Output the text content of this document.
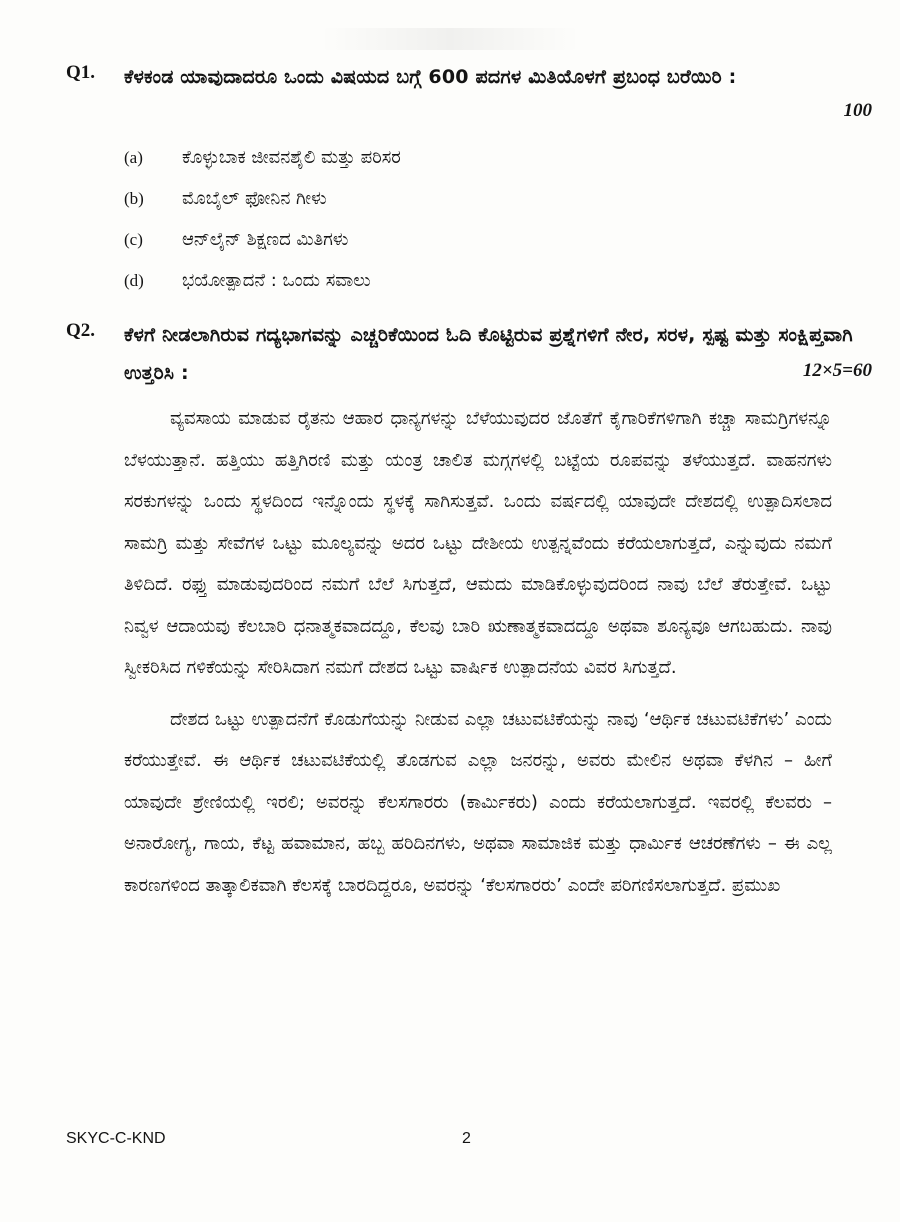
Q1. ಕೆಳಕಂಡ ಯಾವುದಾದರೂ ಒಂದು ವಿಷಯದ ಬಗ್ಗೆ 600 ಪದಗಳ ಮಿತಿಯೊಳಗೆ ಪ್ರಬಂಧ ಬರೆಯಿರಿ :
100
(a)	ಕೊಳ್ಳುಬಾಕ ಜೀವನಶೈಲಿ ಮತ್ತು ಪರಿಸರ
(b)	ಮೊಬೈಲ್ ಫೋನಿನ ಗೀಳು
(c)	ಆನ್‌ಲೈನ್ ಶಿಕ್ಷಣದ ಮಿತಿಗಳು
(d)	ಭಯೋತ್ಪಾದನೆ : ಒಂದು ಸವಾಲು
Q2. ಕೆಳಗೆ ನೀಡಲಾಗಿರುವ ಗದ್ಯಭಾಗವನ್ನು ಎಚ್ಚರಿಕೆಯಿಂದ ಓದಿ ಕೊಟ್ಟಿರುವ ಪ್ರಶ್ನೆಗಳಿಗೆ ನೇರ, ಸರಳ, ಸ್ಪಷ್ಟ ಮತ್ತು ಸಂಕ್ಷಿಪ್ತವಾಗಿ ಉತ್ತರಿಸಿ :	12×5=60

ವ್ಯವಸಾಯ ಮಾಡುವ ರೈತನು ಆಹಾರ ಧಾನ್ಯಗಳನ್ನು ಬೆಳೆಯುವುದರ ಜೊತೆಗೆ ಕೈಗಾರಿಕೆಗಳಿಗಾಗಿ ಕಚ್ಚಾ ಸಾಮಗ್ರಿಗಳನ್ನೂ ಬೆಳಯುತ್ತಾನೆ. ಹತ್ತಿಯು ಹತ್ತಿಗಿರಣಿ ಮತ್ತು ಯಂತ್ರ ಚಾಲಿತ ಮಗ್ಗಗಳಲ್ಲಿ ಬಟ್ಟೆಯ ರೂಪವನ್ನು ತಳೆಯುತ್ತದೆ. ವಾಹನಗಳು ಸರಕುಗಳನ್ನು ಒಂದು ಸ್ಥಳದಿಂದ ಇನ್ನೊಂದು ಸ್ಥಳಕ್ಕೆ ಸಾಗಿಸುತ್ತವೆ. ಒಂದು ವರ್ಷದಲ್ಲಿ ಯಾವುದೇ ದೇಶದಲ್ಲಿ ಉತ್ಪಾದಿಸಲಾದ ಸಾಮಗ್ರಿ ಮತ್ತು ಸೇವೆಗಳ ಒಟ್ಟು ಮೂಲ್ಯವನ್ನು ಅದರ ಒಟ್ಟು ದೇಶೀಯ ಉತ್ಪನ್ನವೆಂದು ಕರೆಯಲಾಗುತ್ತದೆ, ಎನ್ನುವುದು ನಮಗೆ ತಿಳಿದಿದೆ. ರಫ್ತು ಮಾಡುವುದರಿಂದ ನಮಗೆ ಬೆಲೆ ಸಿಗುತ್ತದೆ, ಆಮದು ಮಾಡಿಕೊಳ್ಳುವುದರಿಂದ ನಾವು ಬೆಲೆ ತೆರುತ್ತೇವೆ. ಒಟ್ಟು ನಿವ್ವಳ ಆದಾಯವು ಕೆಲಬಾರಿ ಧನಾತ್ಮಕವಾದದ್ದೂ, ಕೆಲವು ಬಾರಿ ಋಣಾತ್ಮಕವಾದದ್ದೂ ಅಥವಾ ಶೂನ್ಯವೂ ಆಗಬಹುದು. ನಾವು ಸ್ವೀಕರಿಸಿದ ಗಳಿಕೆಯನ್ನು ಸೇರಿಸಿದಾಗ ನಮಗೆ ದೇಶದ ಒಟ್ಟು ವಾರ್ಷಿಕ ಉತ್ಪಾದನೆಯ ವಿವರ ಸಿಗುತ್ತದೆ.

ದೇಶದ ಒಟ್ಟು ಉತ್ಪಾದನೆಗೆ ಕೊಡುಗೆಯನ್ನು ನೀಡುವ ಎಲ್ಲಾ ಚಟುವಟಿಕೆಯನ್ನು ನಾವು ‘ಆರ್ಥಿಕ ಚಟುವಟಿಕೆಗಳು’ ಎಂದು ಕರೆಯುತ್ತೇವೆ. ಈ ಆರ್ಥಿಕ ಚಟುವಟಿಕೆಯಲ್ಲಿ ತೊಡಗುವ ಎಲ್ಲಾ ಜನರನ್ನು, ಅವರು ಮೇಲಿನ ಅಥವಾ ಕೆಳಗಿನ – ಹೀಗೆ ಯಾವುದೇ ಶ್ರೇಣಿಯಲ್ಲಿ ಇರಲಿ; ಅವರನ್ನು ಕೆಲಸಗಾರರು (ಕಾರ್ಮಿಕರು) ಎಂದು ಕರೆಯಲಾಗುತ್ತದೆ. ಇವರಲ್ಲಿ ಕೆಲವರು – ಅನಾರೋಗ್ಯ, ಗಾಯ, ಕೆಟ್ಟ ಹವಾಮಾನ, ಹಬ್ಬ ಹರಿದಿನಗಳು, ಅಥವಾ ಸಾಮಾಜಿಕ ಮತ್ತು ಧಾರ್ಮಿಕ ಆಚರಣೆಗಳು – ಈ ಎಲ್ಲ ಕಾರಣಗಳಿಂದ ತಾತ್ಕಾಲಿಕವಾಗಿ ಕೆಲಸಕ್ಕೆ ಬಾರದಿದ್ದರೂ, ಅವರನ್ನು ‘ಕೆಲಸಗಾರರು’ ಎಂದೇ ಪರಿಗಣಿಸಲಾಗುತ್ತದೆ. ಪ್ರಮುಖ

SKYC-C-KND	2
